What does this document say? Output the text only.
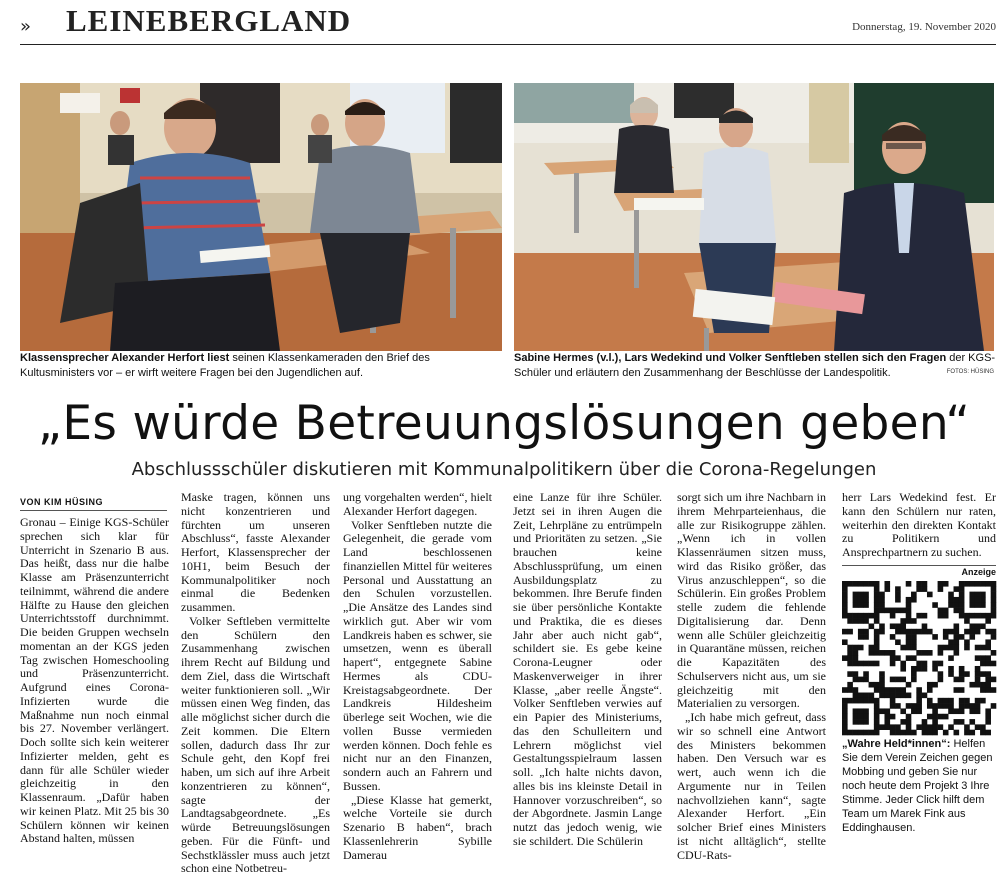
» LEINEBERGLAND	Donnerstag, 19. November 2020
Klassensprecher Alexander Herfort liest seinen Klassenkameraden den Brief des Kultusministers vor – er wirft weitere Fragen bei den Jugendlichen auf.
Sabine Hermes (v.l.), Lars Wedekind und Volker Senftleben stellen sich den Fragen der KGS-Schüler und erläutern den Zusammenhang der Beschlüsse der Landespolitik.	FOTOS: HÜSING
„Es würde Betreuungslösungen geben“
Abschlussschüler diskutieren mit Kommunalpolitikern über die Corona-Regelungen
VON KIM HÜSING

Gronau – Einige KGS-Schüler sprechen sich klar für Unterricht in Szenario B aus. Das heißt, dass nur die halbe Klasse am Präsenzunterricht teilnimmt, während die andere Hälfte zu Hause den gleichen Unterrichtsstoff durchnimmt. Die beiden Gruppen wechseln momentan an der KGS jeden Tag zwischen Homeschooling und Präsenzunterricht. Aufgrund eines Corona-Infizierten wurde die Maßnahme nun noch einmal bis 27. November verlängert. Doch sollte sich kein weiterer Infizierter melden, geht es dann für alle Schüler wieder gleichzeitig in den Klassenraum. „Dafür haben wir keinen Platz. Mit 25 bis 30 Schülern können wir keinen Abstand halten, müssen

Maske tragen, können uns nicht konzentrieren und fürchten um unseren Abschluss“, fasste Alexander Herfort, Klassensprecher der 10H1, beim Besuch der Kommunalpolitiker noch einmal die Bedenken zusammen.

Volker Seftleben vermittelte den Schülern den Zusammenhang zwischen ihrem Recht auf Bildung und dem Ziel, dass die Wirtschaft weiter funktionieren soll. „Wir müssen einen Weg finden, das alle möglichst sicher durch die Zeit kommen. Die Eltern sollen, dadurch dass Ihr zur Schule geht, den Kopf frei haben, um sich auf ihre Arbeit konzentrieren zu können“, sagte der Landtagsabgeordnete. „Es würde Betreuungslösungen geben. Für die Fünft- und Sechstklässler muss auch jetzt schon eine Notbetreu-

ung vorgehalten werden“, hielt Alexander Herfort dagegen.

Volker Senftleben nutzte die Gelegenheit, die gerade vom Land beschlossenen finanziellen Mittel für weiteres Personal und Ausstattung an den Schulen vorzustellen. „Die Ansätze des Landes sind wirklich gut. Aber wir vom Landkreis haben es schwer, sie umsetzen, wenn es überall hapert“, entgegnete Sabine Hermes als CDU-Kreistagsabgeordnete. Der Landkreis Hildesheim überlege seit Wochen, wie die vollen Busse vermieden werden können. Doch fehle es nicht nur an den Finanzen, sondern auch an Fahrern und Bussen.

„Diese Klasse hat gemerkt, welche Vorteile sie durch Szenario B haben“, brach Klassenlehrerin Sybille Damerau

eine Lanze für ihre Schüler. Jetzt sei in ihren Augen die Zeit, Lehrpläne zu entrümpeln und Prioritäten zu setzen. „Sie brauchen keine Abschlussprüfung, um einen Ausbildungsplatz zu bekommen. Ihre Berufe finden sie über persönliche Kontakte und Praktika, die es dieses Jahr aber auch nicht gab“, schildert sie. Es gebe keine Corona-Leugner oder Maskenverweiger in ihrer Klasse, „aber reelle Ängste“. Volker Senftleben verwies auf ein Papier des Ministeriums, das den Schulleitern und Lehrern möglichst viel Gestaltungsspielraum lassen soll. „Ich halte nichts davon, alles bis ins kleinste Detail in Hannover vorzuschreiben“, so der Abgordnete. Jasmin Lange nutzt das jedoch wenig, wie sie schildert. Die Schülerin

sorgt sich um ihre Nachbarn in ihrem Mehrparteienhaus, die alle zur Risikogruppe zählen. „Wenn ich in vollen Klassenräumen sitzen muss, wird das Risiko größer, das Virus anzuschleppen“, so die Schülerin. Ein großes Problem stelle zudem die fehlende Digitalisierung dar. Denn wenn alle Schüler gleichzeitig in Quarantäne müssen, reichen die Kapazitäten des Schulservers nicht aus, um sie gleichzeitig mit den Materialien zu versorgen.

„Ich habe mich gefreut, dass wir so schnell eine Antwort des Ministers bekommen haben. Den Versuch war es wert, auch wenn ich die Argumente nur in Teilen nachvollziehen kann“, sagte Alexander Herfort. „Ein solcher Brief eines Ministers ist nicht alltäglich“, stellte CDU-Rats-

herr Lars Wedekind fest. Er kann den Schülern nur raten, weiterhin den direkten Kontakt zu Politikern und Ansprechpartnern zu suchen.

Anzeige
„Wahre Held*innen“: Helfen Sie dem Verein Zeichen gegen Mobbing und geben Sie nur noch heute dem Projekt 3 Ihre Stimme. Jeder Click hilft dem Team um Marek Fink aus Eddinghausen.
